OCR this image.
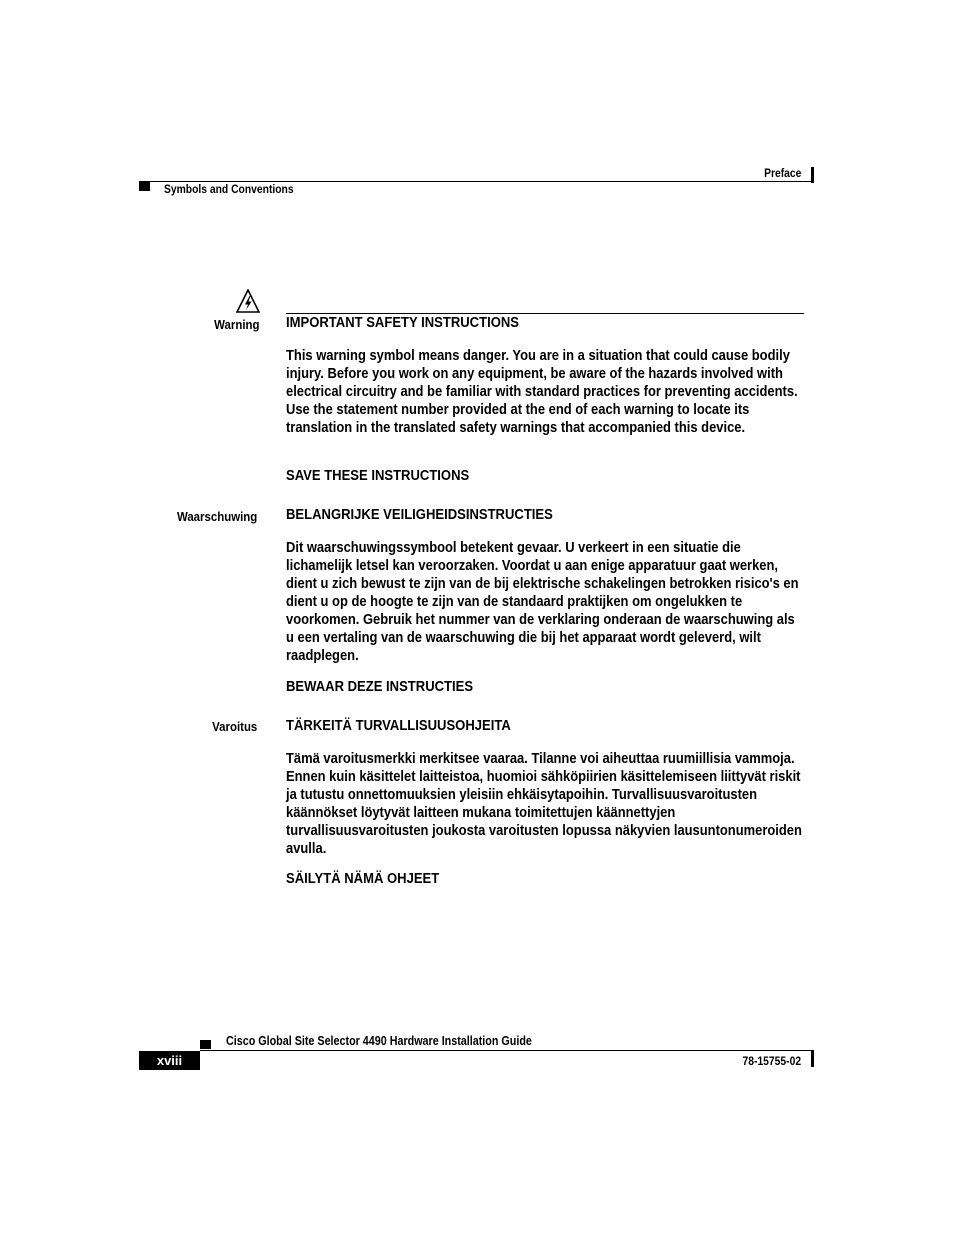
Preface
Symbols and Conventions
Warning IMPORTANT SAFETY INSTRUCTIONS
This warning symbol means danger. You are in a situation that could cause bodily injury. Before you work on any equipment, be aware of the hazards involved with electrical circuitry and be familiar with standard practices for preventing accidents. Use the statement number provided at the end of each warning to locate its translation in the translated safety warnings that accompanied this device.
SAVE THESE INSTRUCTIONS
Waarschuwing BELANGRIJKE VEILIGHEIDSINSTRUCTIES
Dit waarschuwingssymbool betekent gevaar. U verkeert in een situatie die lichamelijk letsel kan veroorzaken. Voordat u aan enige apparatuur gaat werken, dient u zich bewust te zijn van de bij elektrische schakelingen betrokken risico's en dient u op de hoogte te zijn van de standaard praktijken om ongelukken te voorkomen. Gebruik het nummer van de verklaring onderaan de waarschuwing als u een vertaling van de waarschuwing die bij het apparaat wordt geleverd, wilt raadplegen.
BEWAAR DEZE INSTRUCTIES
Varoitus TÄRKEITÄ TURVALLISUUSOHJEITA
Tämä varoitusmerkki merkitsee vaaraa. Tilanne voi aiheuttaa ruumiillisia vammoja. Ennen kuin käsittelet laitteistoa, huomioi sähköpiirien käsittelemiseen liittyvät riskit ja tutustu onnettomuuksien yleisiin ehkäisytapoihin. Turvallisuusvaroitusten käännökset löytyvät laitteen mukana toimitettujen käännettyjen turvallisuusvaroitusten joukosta varoitusten lopussa näkyvien lausuntonumeroiden avulla.
SÄILYTÄ NÄMÄ OHJEET
Cisco Global Site Selector 4490 Hardware Installation Guide
xviii	78-15755-02
